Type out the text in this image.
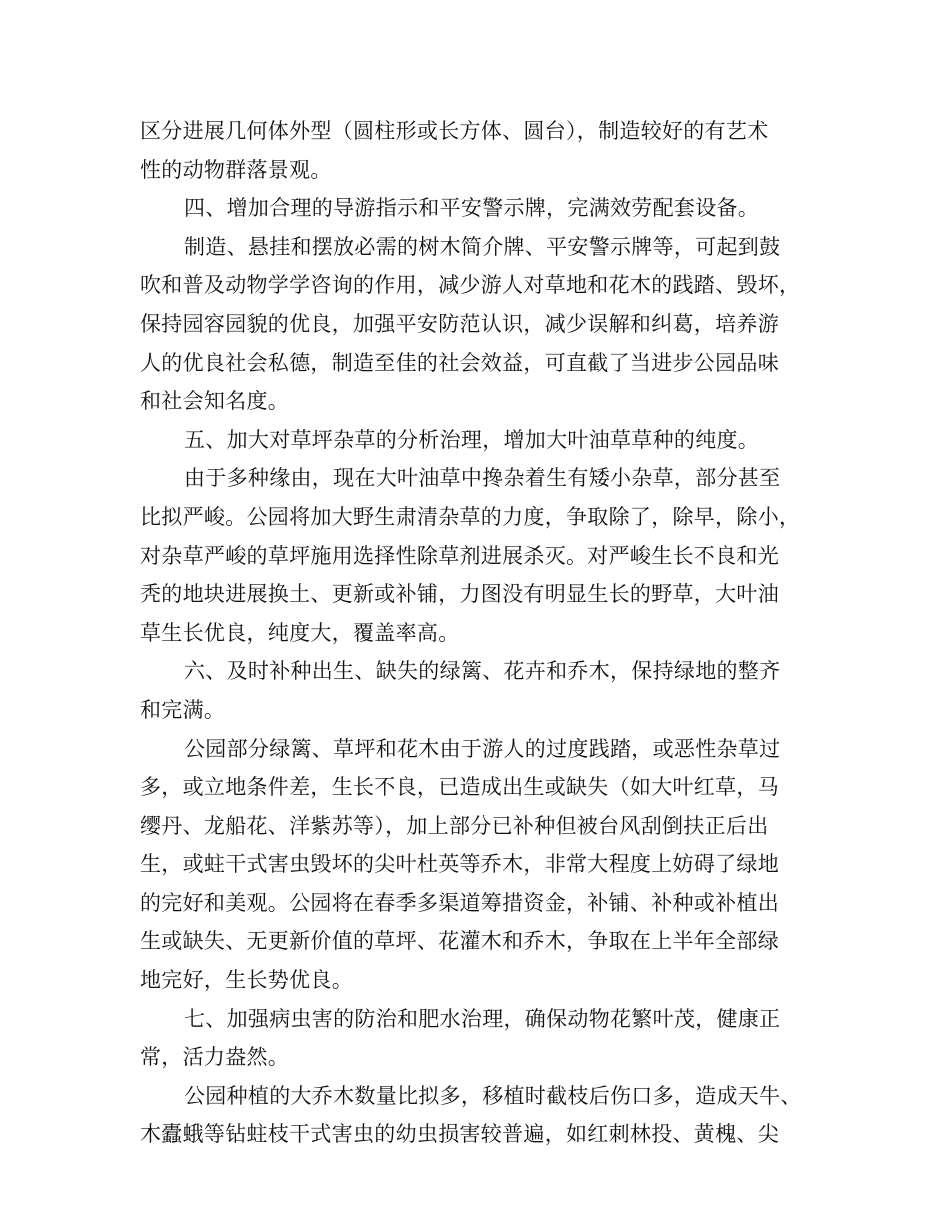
区分进展几何体外型（圆柱形或长方体、圆台），制造较好的有艺术
性的动物群落景观。
四、增加合理的导游指示和平安警示牌，完满效劳配套设备。
制造、悬挂和摆放必需的树木简介牌、平安警示牌等，可起到鼓
吹和普及动物学学咨询的作用，减少游人对草地和花木的践踏、毁坏，
保持园容园貌的优良，加强平安防范认识，减少误解和纠葛，培养游
人的优良社会私德，制造至佳的社会效益，可直截了当进步公园品味
和社会知名度。
五、加大对草坪杂草的分析治理，增加大叶油草草种的纯度。
由于多种缘由，现在大叶油草中搀杂着生有矮小杂草，部分甚至
比拟严峻。公园将加大野生肃清杂草的力度，争取除了，除早，除小，
对杂草严峻的草坪施用选择性除草剂进展杀灭。对严峻生长不良和光
秃的地块进展换土、更新或补铺，力图没有明显生长的野草，大叶油
草生长优良，纯度大，覆盖率高。
六、及时补种出生、缺失的绿篱、花卉和乔木，保持绿地的整齐
和完满。
公园部分绿篱、草坪和花木由于游人的过度践踏，或恶性杂草过
多，或立地条件差，生长不良，已造成出生或缺失（如大叶红草，马
缨丹、龙船花、洋紫苏等），加上部分已补种但被台风刮倒扶正后出
生，或蛀干式害虫毁坏的尖叶杜英等乔木，非常大程度上妨碍了绿地
的完好和美观。公园将在春季多渠道筹措资金，补铺、补种或补植出
生或缺失、无更新价值的草坪、花灌木和乔木，争取在上半年全部绿
地完好，生长势优良。
七、加强病虫害的防治和肥水治理，确保动物花繁叶茂，健康正
常，活力盎然。
公园种植的大乔木数量比拟多，移植时截枝后伤口多，造成天牛、
木蠹蛾等钻蛀枝干式害虫的幼虫损害较普遍，如红刺林投、黄槐、尖
